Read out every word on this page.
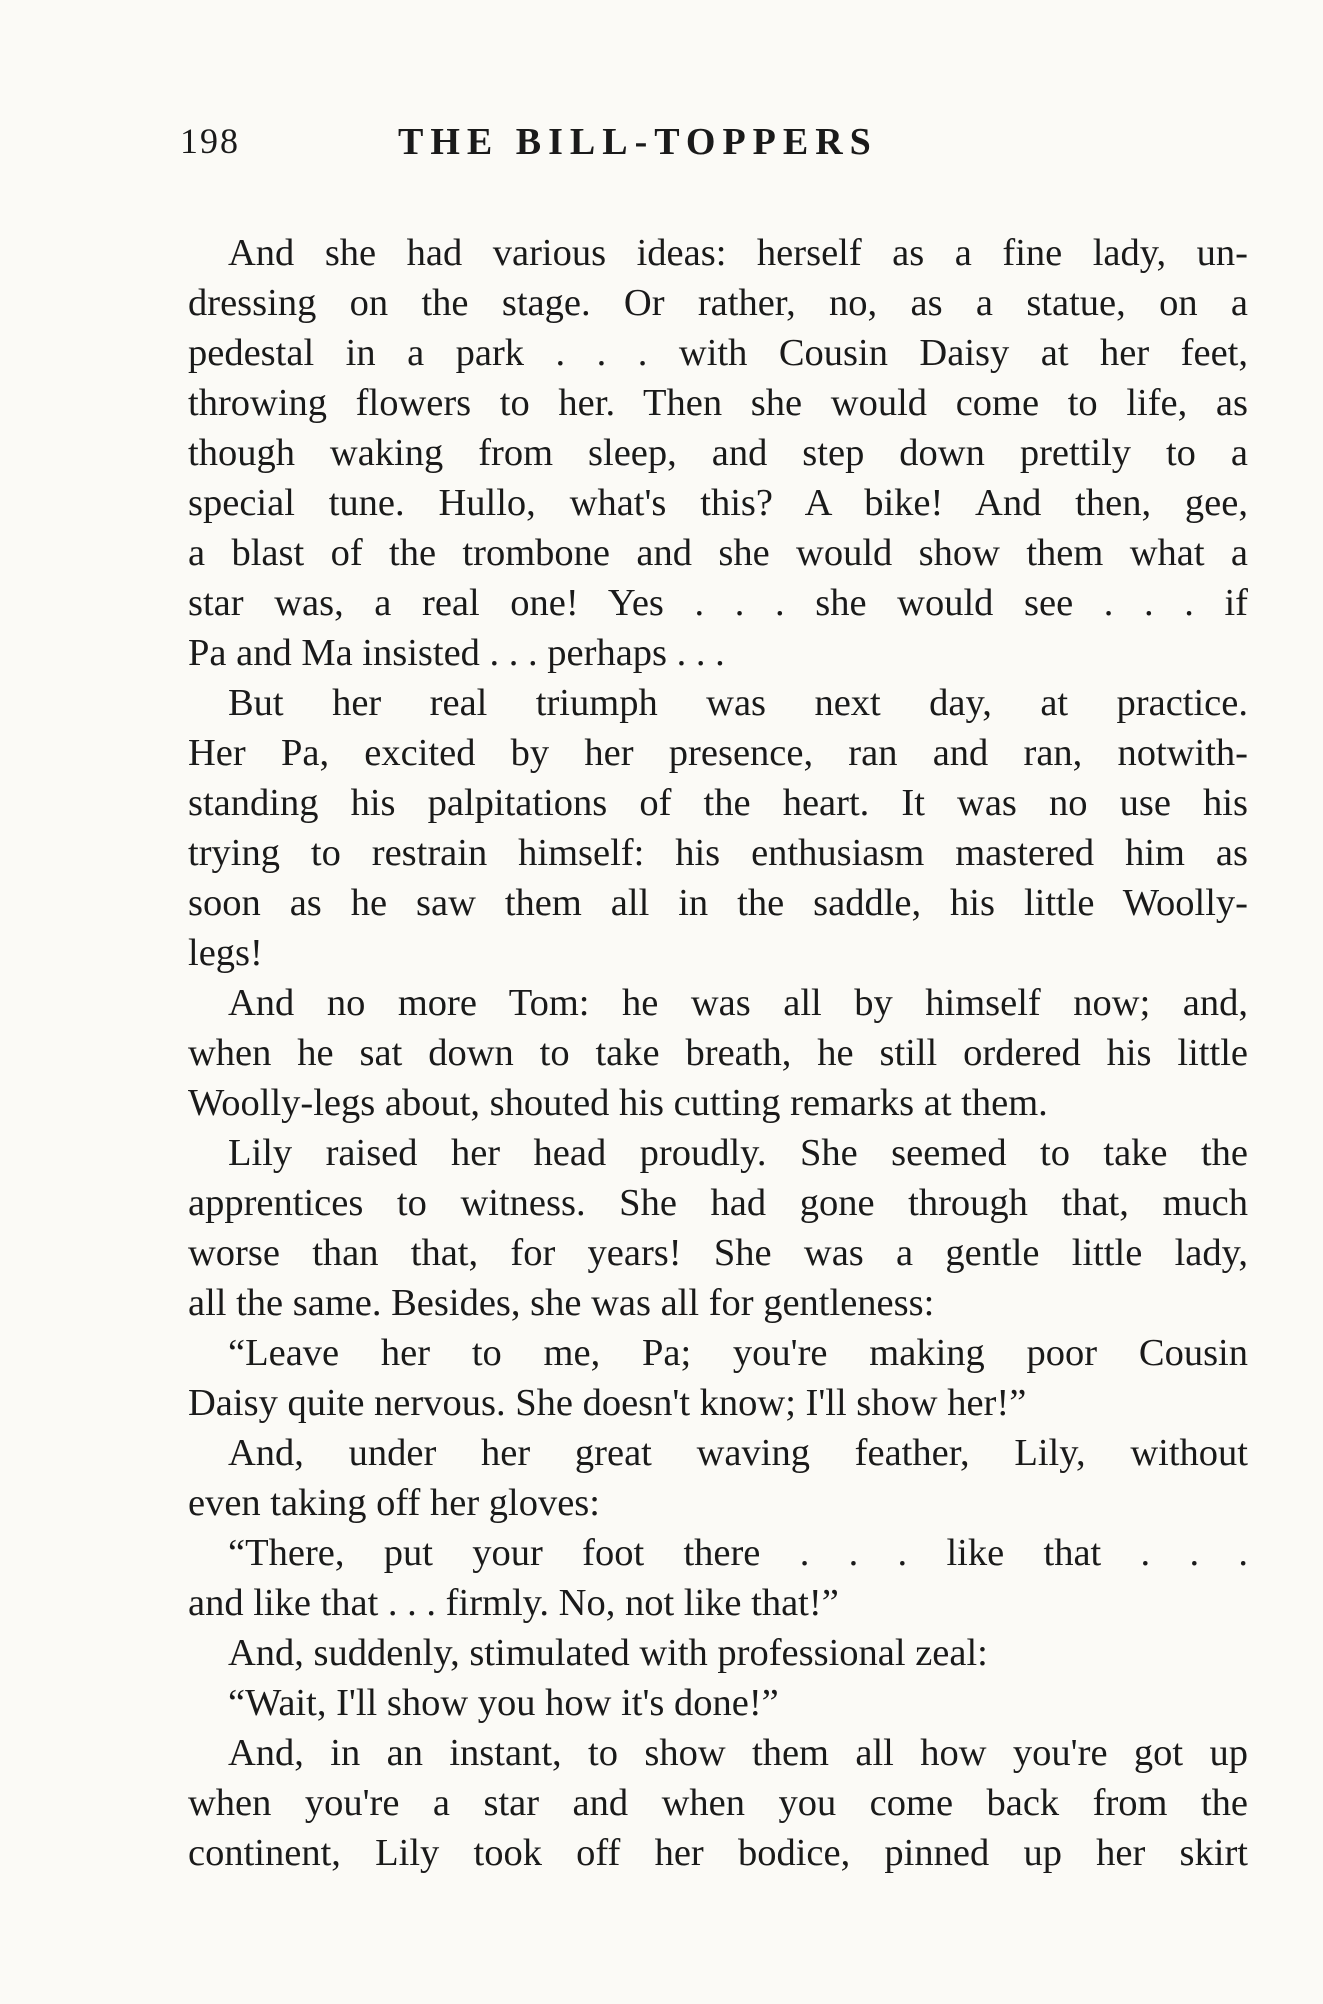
198	THE BILL-TOPPERS
And she had various ideas: herself as a fine lady, un-
dressing on the stage. Or rather, no, as a statue, on a
pedestal in a park . . . with Cousin Daisy at her feet,
throwing flowers to her. Then she would come to life, as
though waking from sleep, and step down prettily to a
special tune. Hullo, what's this? A bike! And then, gee,
a blast of the trombone and she would show them what a
star was, a real one! Yes . . . she would see . . . if
Pa and Ma insisted . . . perhaps . . .
But her real triumph was next day, at practice.
Her Pa, excited by her presence, ran and ran, notwith-
standing his palpitations of the heart. It was no use his
trying to restrain himself: his enthusiasm mastered him as
soon as he saw them all in the saddle, his little Woolly-
legs!
And no more Tom: he was all by himself now; and,
when he sat down to take breath, he still ordered his little
Woolly-legs about, shouted his cutting remarks at them.
Lily raised her head proudly. She seemed to take the
apprentices to witness. She had gone through that, much
worse than that, for years! She was a gentle little lady,
all the same. Besides, she was all for gentleness:
“Leave her to me, Pa; you're making poor Cousin
Daisy quite nervous. She doesn't know; I'll show her!”
And, under her great waving feather, Lily, without
even taking off her gloves:
“There, put your foot there . . . like that . . .
and like that . . . firmly. No, not like that!”
And, suddenly, stimulated with professional zeal:
“Wait, I'll show you how it's done!”
And, in an instant, to show them all how you're got up
when you're a star and when you come back from the
continent, Lily took off her bodice, pinned up her skirt
